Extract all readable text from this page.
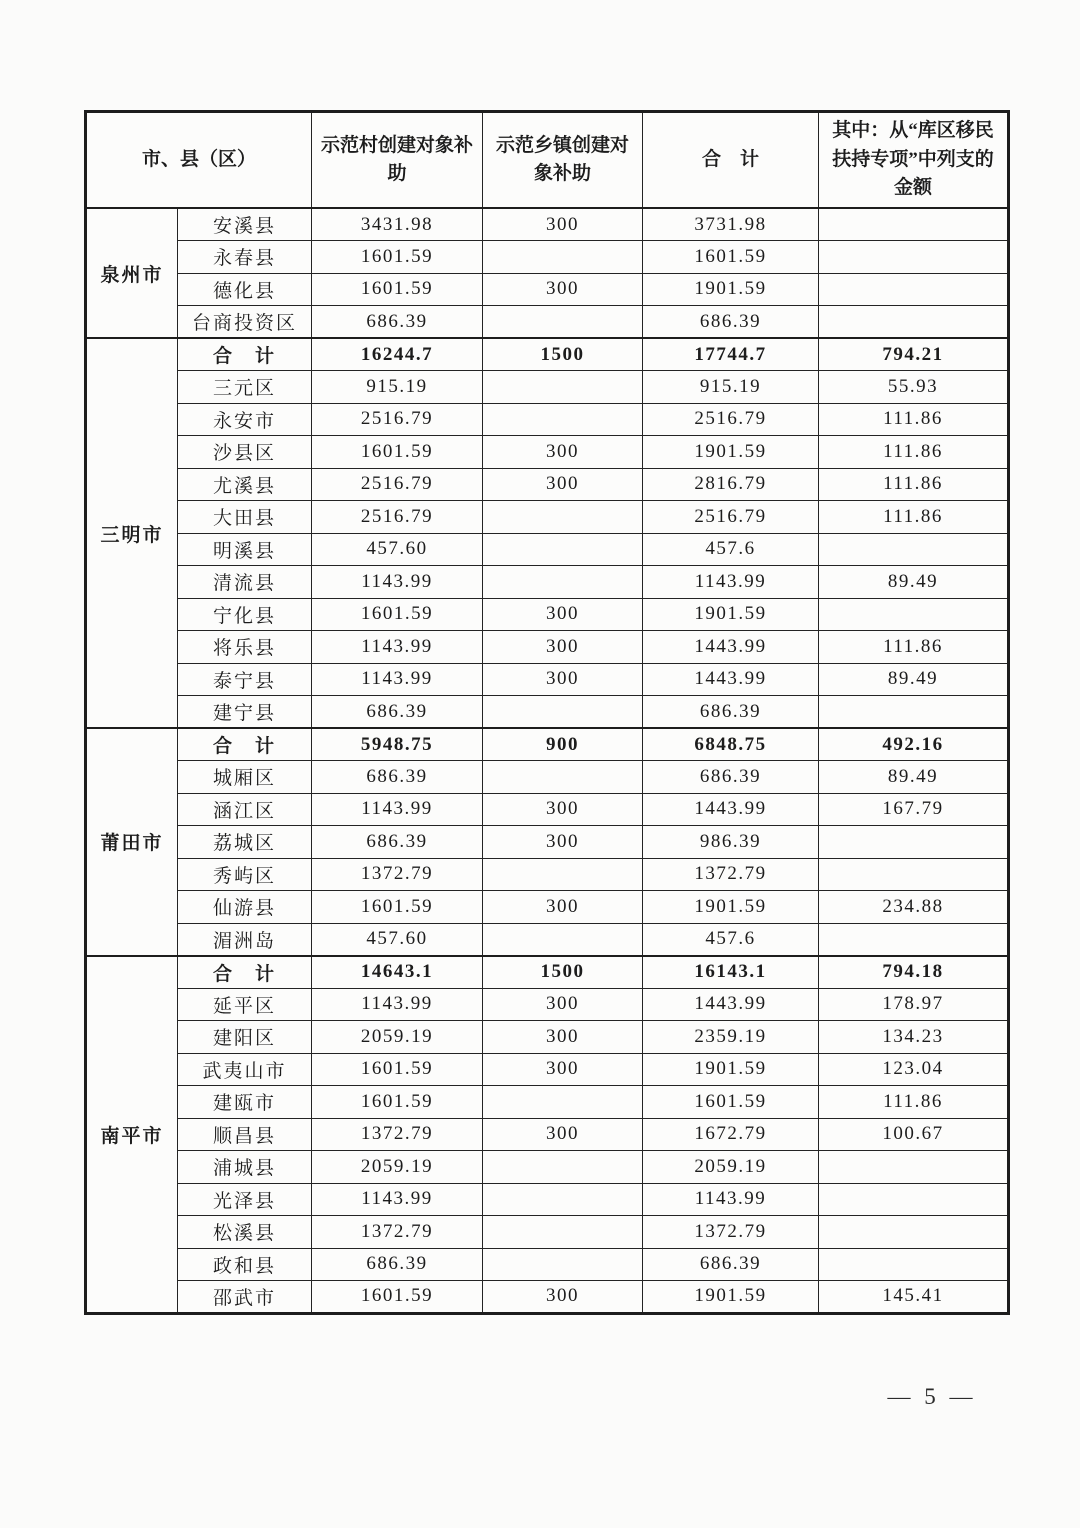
市、县（区）		示范村创建对象补助	示范乡镇创建对象补助	合　计	其中：从“库区移民扶持专项”中列支的金额
泉州市	安溪县	3431.98	300	3731.98	
	永春县	1601.59		1601.59	
	德化县	1601.59	300	1901.59	
	台商投资区	686.39		686.39	
三明市	合　计	16244.7	1500	17744.7	794.21
	三元区	915.19		915.19	55.93
	永安市	2516.79		2516.79	111.86
	沙县区	1601.59	300	1901.59	111.86
	尤溪县	2516.79	300	2816.79	111.86
	大田县	2516.79		2516.79	111.86
	明溪县	457.60		457.6	
	清流县	1143.99		1143.99	89.49
	宁化县	1601.59	300	1901.59	
	将乐县	1143.99	300	1443.99	111.86
	泰宁县	1143.99	300	1443.99	89.49
	建宁县	686.39		686.39	
莆田市	合　计	5948.75	900	6848.75	492.16
	城厢区	686.39		686.39	89.49
	涵江区	1143.99	300	1443.99	167.79
	荔城区	686.39	300	986.39	
	秀屿区	1372.79		1372.79	
	仙游县	1601.59	300	1901.59	234.88
	湄洲岛	457.60		457.6	
南平市	合　计	14643.1	1500	16143.1	794.18
	延平区	1143.99	300	1443.99	178.97
	建阳区	2059.19	300	2359.19	134.23
	武夷山市	1601.59	300	1901.59	123.04
	建瓯市	1601.59		1601.59	111.86
	顺昌县	1372.79	300	1672.79	100.67
	浦城县	2059.19		2059.19	
	光泽县	1143.99		1143.99	
	松溪县	1372.79		1372.79	
	政和县	686.39		686.39	
	邵武市	1601.59	300	1901.59	145.41
— 5 —
